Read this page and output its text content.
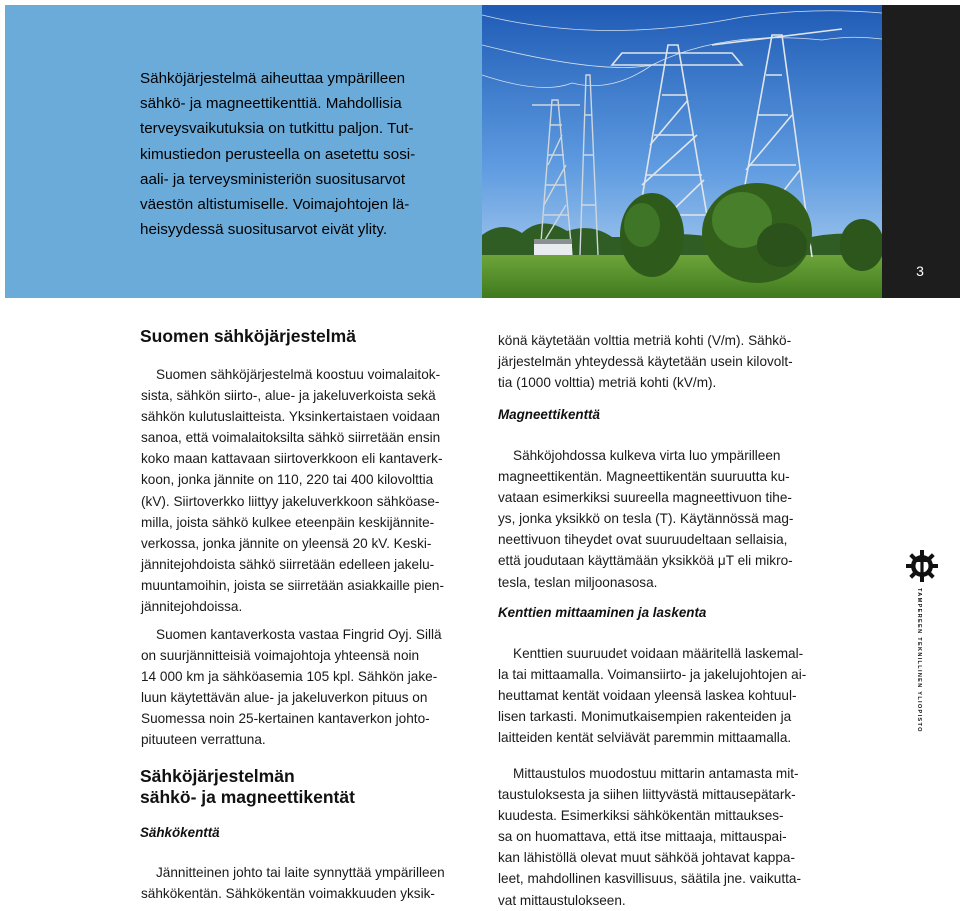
Sähköjärjestelmä aiheuttaa ympärilleen
sähkö- ja magneettikenttiä. Mahdollisia
terveysvaikutuksia on tutkittu paljon. Tut-
kimustiedon perusteella on asetettu sosi-
aali- ja terveysministeriön suositusarvot
väestön altistumiselle. Voimajohtojen lä-
heisyydessä suositusarvot eivät ylity.

3
Suomen sähköjärjestelmä

Suomen sähköjärjestelmä koostuu voimalaitok-
sista, sähkön siirto-, alue- ja jakeluverkoista sekä
sähkön kulutuslaitteista. Yksinkertaistaen voidaan
sanoa, että voimalaitoksilta sähkö siirretään ensin
koko maan kattavaan siirtoverkkoon eli kantaverk-
koon, jonka jännite on 110, 220 tai 400 kilovolttia
(kV). Siirtoverkko liittyy jakeluverkkoon sähköase-
milla, joista sähkö kulkee eteenpäin keskijännite-
verkossa, jonka jännite on yleensä 20 kV. Keski-
jännitejohdoista sähkö siirretään edelleen jakelu-
muuntamoihin, joista se siirretään asiakkaille pien-
jännitejohdoissa.

Suomen kantaverkosta vastaa Fingrid Oyj. Sillä
on suurjännitteisiä voimajohtoja yhteensä noin
14 000 km ja sähköasemia 105 kpl. Sähkön jake-
luun käytettävän alue- ja jakeluverkon pituus on
Suomessa noin 25-kertainen kantaverkon johto-
pituuteen verrattuna.

Sähköjärjestelmän
sähkö- ja magneettikentät
Sähkökenttä

Jännitteinen johto tai laite synnyttää ympärilleen
sähkökentän. Sähkökentän voimakkuuden yksik-

könä käytetään volttia metriä kohti (V/m). Sähkö-
järjestelmän yhteydessä käytetään usein kilovolt-
tia (1000 volttia) metriä kohti (kV/m).

Magneettikenttä

Sähköjohdossa kulkeva virta luo ympärilleen
magneettikentän. Magneettikentän suuruutta ku-
vataan esimerkiksi suureella magneettivuon tihe-
ys, jonka yksikkö on tesla (T). Käytännössä mag-
neettivuon tiheydet ovat suuruudeltaan sellaisia,
että joudutaan käyttämään yksikköä μT eli mikro-
tesla, teslan miljoonasosa.

Kenttien mittaaminen ja laskenta

Kenttien suuruudet voidaan määritellä laskemal-
la tai mittaamalla. Voimansiirto- ja jakelujohtojen ai-
heuttamat kentät voidaan yleensä laskea kohtuul-
lisen tarkasti. Monimutkaisempien rakenteiden ja
laitteiden kentät selviävät paremmin mittaamalla.

Mittaustulos muodostuu mittarin antamasta mit-
taustuloksesta ja siihen liittyvästä mittausepätark-
kuudesta. Esimerkiksi sähkökentän mittaukses-
sa on huomattava, että itse mittaaja, mittauspai-
kan lähistöllä olevat muut sähköä johtavat kappa-
leet, mahdollinen kasvillisuus, säätila jne. vaikutta-
vat mittaustulokseen.

TAMPEREEN TEKNILLINEN YLIOPISTO
